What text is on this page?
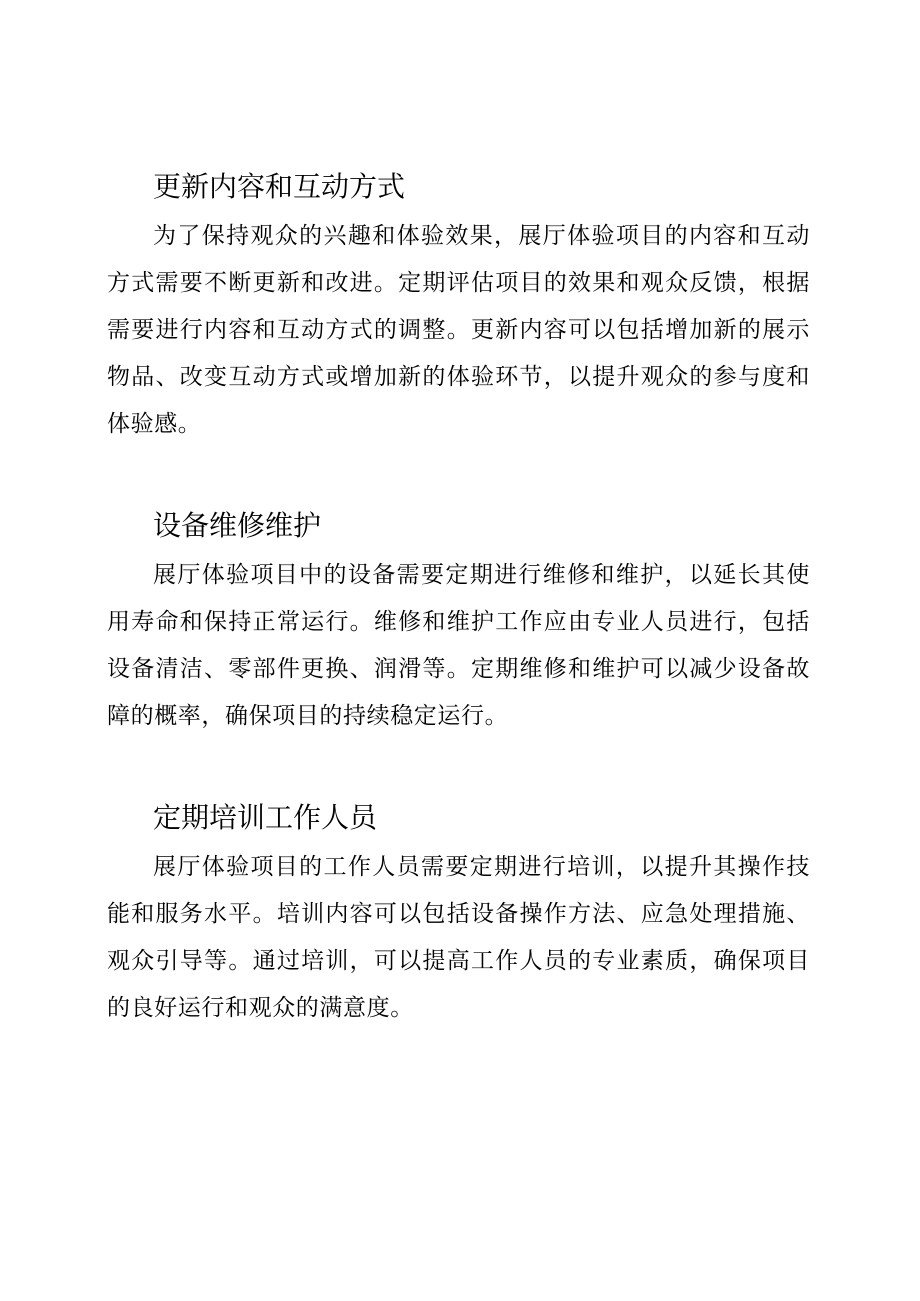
更新内容和互动方式

为了保持观众的兴趣和体验效果，展厅体验项目的内容和互动方式需要不断更新和改进。定期评估项目的效果和观众反馈，根据需要进行内容和互动方式的调整。更新内容可以包括增加新的展示物品、改变互动方式或增加新的体验环节，以提升观众的参与度和体验感。

设备维修维护

展厅体验项目中的设备需要定期进行维修和维护，以延长其使用寿命和保持正常运行。维修和维护工作应由专业人员进行，包括设备清洁、零部件更换、润滑等。定期维修和维护可以减少设备故障的概率，确保项目的持续稳定运行。

定期培训工作人员

展厅体验项目的工作人员需要定期进行培训，以提升其操作技能和服务水平。培训内容可以包括设备操作方法、应急处理措施、观众引导等。通过培训，可以提高工作人员的专业素质，确保项目的良好运行和观众的满意度。
